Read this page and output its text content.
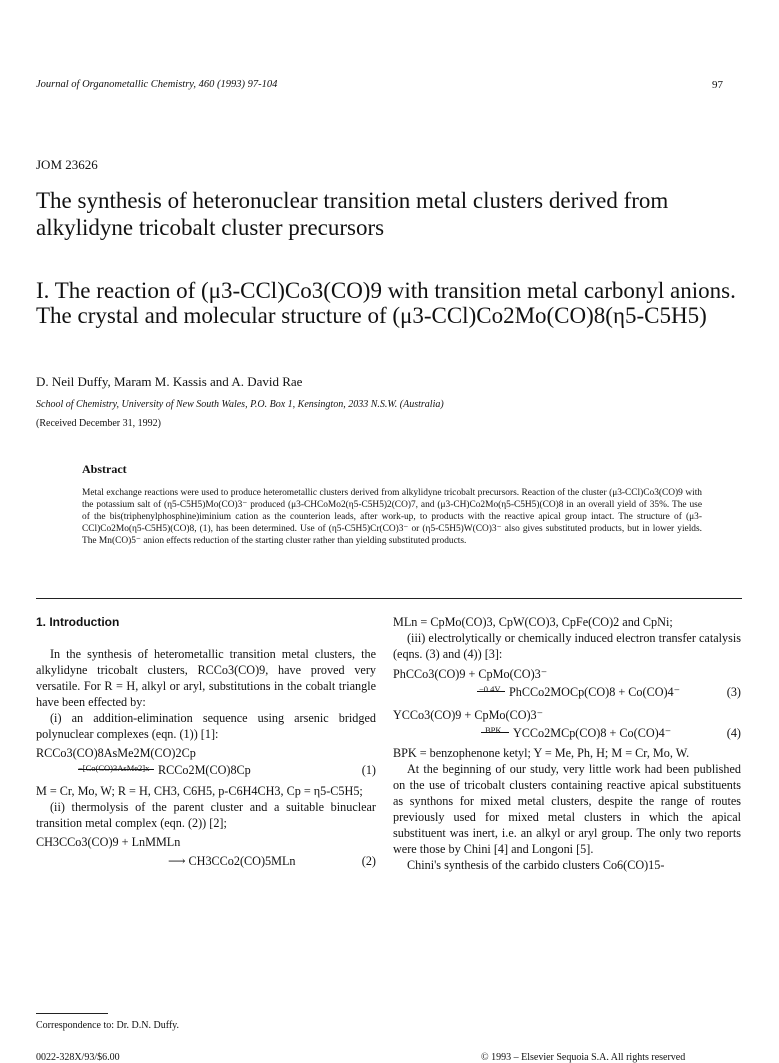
Journal of Organometallic Chemistry, 460 (1993) 97-104	97
JOM 23626
The synthesis of heteronuclear transition metal clusters derived from alkylidyne tricobalt cluster precursors
I. The reaction of (μ3-CCl)Co3(CO)9 with transition metal carbonyl anions. The crystal and molecular structure of (μ3-CCl)Co2Mo(CO)8(η5-C5H5)
D. Neil Duffy, Maram M. Kassis and A. David Rae
School of Chemistry, University of New South Wales, P.O. Box 1, Kensington, 2033 N.S.W. (Australia)
(Received December 31, 1992)
Abstract
Metal exchange reactions were used to produce heterometallic clusters derived from alkylidyne tricobalt precursors. Reaction of the cluster (μ3-CCl)Co3(CO)9 with the potassium salt of (η5-C5H5)Mo(CO)3⁻ produced (μ3-CHCoMo2(η5-C5H5)2(CO)7, and (μ3-CH)Co2Mo(η5-C5H5)(CO)8 in an overall yield of 35%. The use of the bis(triphenylphosphine)iminium cation as the counterion leads, after work-up, to products with the reactive apical group intact. The structure of (μ3-CCl)Co2Mo(η5-C5H5)(CO)8, (1), has been determined. Use of (η5-C5H5)Cr(CO)3⁻ or (η5-C5H5)W(CO)3⁻ also gives substituted products, but in lower yields. The Mn(CO)5⁻ anion effects reduction of the starting cluster rather than yielding substituted products.

1. Introduction

In the synthesis of heterometallic transition metal clusters, the alkylidyne tricobalt clusters, RCCo3(CO)9, have proved very versatile. For R = H, alkyl or aryl, substitutions in the cobalt triangle have been effected by:

(i) an addition-elimination sequence using arsenic bridged polynuclear complexes (eqn. (1)) [1]:

RCCo3(CO)8AsMe2M(CO)2Cp

−[Co(CO)3AsMe2]x RCCo2M(CO)8Cp	(1)

M = Cr, Mo, W; R = H, CH3, C6H5, p-C6H4CH3, Cp = η5-C5H5;

(ii) thermolysis of the parent cluster and a suitable binuclear transition metal complex (eqn. (2)) [2];

CH3CCo3(CO)9 + LnMMLn

⟶ CH3CCo2(CO)5MLn	(2)

MLn = CpMo(CO)3, CpW(CO)3, CpFe(CO)2 and CpNi;

(iii) electrolytically or chemically induced electron transfer catalysis (eqns. (3) and (4)) [3]:

PhCCo3(CO)9 + CpMo(CO)3⁻

−0.4V PhCCo2MOCp(CO)8 + Co(CO)4⁻	(3)

YCCo3(CO)9 + CpMo(CO)3⁻

BPK YCCo2MCp(CO)8 + Co(CO)4⁻	(4)

BPK = benzophenone ketyl; Y = Me, Ph, H; M = Cr, Mo, W.

At the beginning of our study, very little work had been published on the use of tricobalt clusters containing reactive apical substituents as synthons for mixed metal clusters, despite the range of routes previously used for mixed metal clusters in which the apical substituent was inert, i.e. an alkyl or aryl group. The only two reports were those by Chini [4] and Longoni [5].

Chini's synthesis of the carbido clusters Co6(CO)15-

Correspondence to: Dr. D.N. Duffy.
0022-328X/93/$6.00	© 1993 – Elsevier Sequoia S.A. All rights reserved
